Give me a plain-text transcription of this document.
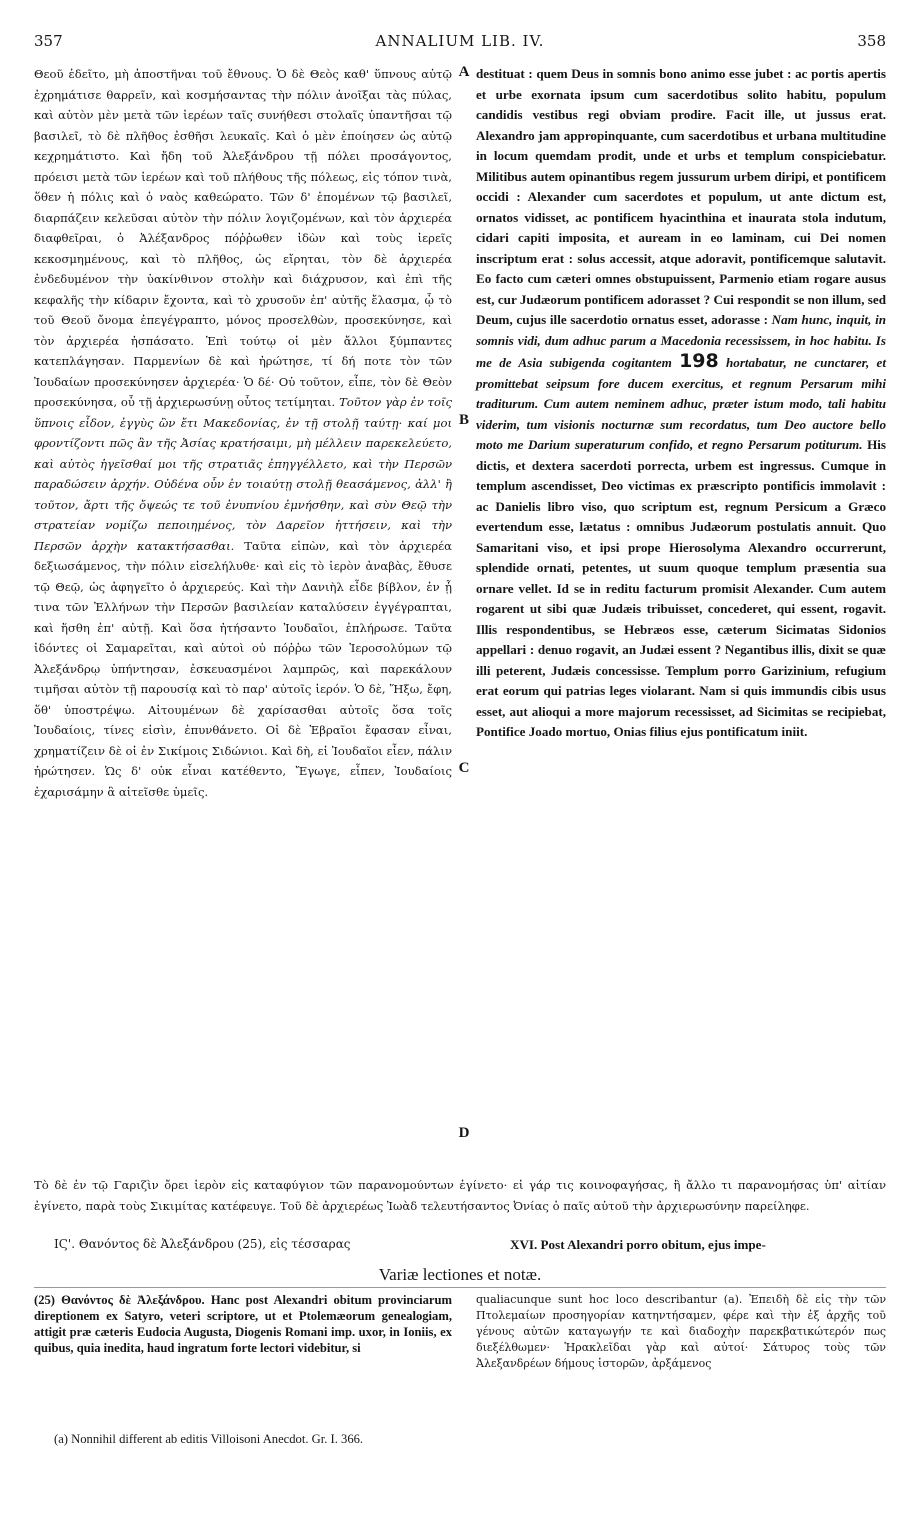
357	ANNALIUM LIB. IV.	358
Θεοῦ ἐδεῖτο, μὴ ἀποστῆναι τοῦ ἔθνους. Ὁ δὲ Θεὸς καθ' ὕπνους αὐτῷ ἐχρημάτισε θαρρεῖν, καὶ κοσμήσαντας τὴν πόλιν ἀνοῖξαι τὰς πύλας, καὶ αὐτὸν μὲν μετὰ τῶν ἱερέων ταῖς συνήθεσι στολαῖς ὑπαντῆσαι τῷ βασιλεῖ, τὸ δὲ πλῆθος ἐσθῆσι λευκαῖς. Καὶ ὁ μὲν ἐποίησεν ὡς αὐτῷ κεχρημάτιστο. Καὶ ἤδη τοῦ Ἀλεξάνδρου τῇ πόλει προσάγοντος, πρόεισι μετὰ τῶν ἱερέων καὶ τοῦ πλήθους τῆς πόλεως, εἰς τόπον τινὰ, ὅθεν ἡ πόλις καὶ ὁ ναὸς καθεώρατο. Τῶν δ' ἑπομένων τῷ βασιλεῖ, διαρπάζειν κελεῦσαι αὐτὸν τὴν πόλιν λογιζομένων, καὶ τὸν ἀρχιερέα διαφθεῖραι, ὁ Ἀλέξανδρος πόῤῥωθεν ἰδὼν καὶ τοὺς ἱερεῖς κεκοσμημένους, καὶ τὸ πλῆθος, ὡς εἴρηται, τὸν δὲ ἀρχιερέα ἐνδεδυμένον τὴν ὑακίνθινον στολὴν καὶ διάχρυσον, καὶ ἐπὶ τῆς κεφαλῆς τὴν κίδαριν ἔχοντα, καὶ τὸ χρυσοῦν ἐπ' αὐτῆς ἔλασμα, ᾧ τὸ τοῦ Θεοῦ ὄνομα ἐπεγέγραπτο, μόνος προσελθὼν, προσεκύνησε, καὶ τὸν ἀρχιερέα ἠσπάσατο. Ἐπὶ τούτῳ οἱ μὲν ἄλλοι ξύμπαντες κατεπλάγησαν. Παρμενίων δὲ καὶ ἠρώτησε, τί δή ποτε τὸν τῶν Ἰουδαίων προσεκύνησεν ἀρχιερέα· Ὁ δέ· Οὐ τοῦτον, εἶπε, τὸν δὲ Θεὸν προσεκύνησα, οὗ τῇ ἀρχιερωσύνῃ οὗτος τετίμηται. Τοῦτον γὰρ ἐν τοῖς ὕπνοις εἶδον, ἐγγὺς ὢν ἔτι Μακεδονίας, ἐν τῇ στολῇ ταύτῃ· καί μοι φροντίζοντι πῶς ἂν τῆς Ἀσίας κρατήσαιμι, μὴ μέλλειν παρεκελεύετο, καὶ αὐτὸς ἡγεῖσθαί μοι τῆς στρατιᾶς ἐπηγγέλλετο, καὶ τὴν Περσῶν παραδώσειν ἀρχήν. Οὐδένα οὖν ἐν τοιαύτῃ στολῇ θεασάμενος, ἀλλ' ἢ τοῦτον, ἄρτι τῆς ὄψεώς τε τοῦ ἐνυπνίου ἐμνήσθην, καὶ σὺν Θεῷ τὴν στρατείαν νομίζω πεποιημένος, τὸν Δαρεῖον ἡττήσειν, καὶ τὴν Περσῶν ἀρχὴν κατακτήσασθαι. Ταῦτα εἰπὼν, καὶ τὸν ἀρχιερέα δεξιωσάμενος, τὴν πόλιν εἰσελήλυθε· καὶ εἰς τὸ ἱερὸν ἀναβὰς, ἔθυσε τῷ Θεῷ, ὡς ἀφηγεῖτο ὁ ἀρχιερεύς. Καὶ τὴν Δανιὴλ εἶδε βίβλον, ἐν ᾗ τινα τῶν Ἑλλήνων τὴν Περσῶν βασιλείαν καταλύσειν ἐγγέγραπται, καὶ ἥσθη ἐπ' αὐτῇ. Καὶ ὅσα ἠτήσαντο Ἰουδαῖοι, ἐπλήρωσε. Ταῦτα ἰδόντες οἱ Σαμαρεῖται, καὶ αὐτοὶ οὐ πόῤῥω τῶν Ἱεροσολύμων τῷ Ἀλεξάνδρῳ ὑπήντησαν, ἐσκευασμένοι λαμπρῶς, καὶ παρεκάλουν τιμῆσαι αὐτὸν τῇ παρουσίᾳ καὶ τὸ παρ' αὐτοῖς ἱερόν. Ὁ δὲ, Ἥξω, ἔφη, ὅθ' ὑποστρέψω. Αἰτουμένων δὲ χαρίσασθαι αὐτοῖς ὅσα τοῖς Ἰουδαίοις, τίνες εἰσὶν, ἐπυνθάνετο. Οἱ δὲ Ἑβραῖοι ἔφασαν εἶναι, χρηματίζειν δὲ οἱ ἐν Σικίμοις Σιδώνιοι. Καὶ δὴ, εἰ Ἰουδαῖοι εἶεν, πάλιν ἠρώτησεν. Ὡς δ' οὐκ εἶναι κατέθεντο, Ἔγωγε, εἶπεν, Ἰουδαίοις ἐχαρισάμην ἃ αἰτεῖσθε ὑμεῖς.
A
B
C
D
destituat : quem Deus in somnis bono animo esse jubet : ac portis apertis et urbe exornata ipsum cum sacerdotibus solito habitu, populum candidis vestibus regi obviam prodire. Facit ille, ut jussus erat. Alexandro jam appropinquante, cum sacerdotibus et urbana multitudine in locum quemdam prodit, unde et urbs et templum conspiciebatur. Militibus autem opinantibus regem jussurum urbem diripi, et pontificem occidi : Alexander cum sacerdotes et populum, ut ante dictum est, ornatos vidisset, ac pontificem hyacinthina et inaurata stola indutum, cidari capiti imposita, et auream in eo laminam, cui Dei nomen inscriptum erat : solus accessit, atque adoravit, pontificemque salutavit. Eo facto cum cæteri omnes obstupuissent, Parmenio etiam rogare ausus est, cur Judæorum pontificem adorasset ? Cui respondit se non illum, sed Deum, cujus ille sacerdotio ornatus esset, adorasse : Nam hunc, inquit, in somnis vidi, dum adhuc parum a Macedonia recessissem, in hoc habitu. Is me de Asia subigenda cogitantem 198 hortabatur, ne cunctarer, et promittebat seipsum fore ducem exercitus, et regnum Persarum mihi traditurum. Cum autem neminem adhuc, præter istum modo, tali habitu viderim, tum visionis nocturnæ sum recordatus, tum Deo auctore bello moto me Darium superaturum confido, et regno Persarum potiturum. His dictis, et dextera sacerdoti porrecta, urbem est ingressus. Cumque in templum ascendisset, Deo victimas ex præscripto pontificis immolavit : ac Danielis libro viso, quo scriptum est, regnum Persicum a Græco evertendum esse, lætatus : omnibus Judæorum postulatis annuit. Quo Samaritani viso, et ipsi prope Hierosolyma Alexandro occurrerunt, splendide ornati, petentes, ut suum quoque templum præsentia sua ornare vellet. Id se in reditu facturum promisit Alexander. Cum autem rogarent ut sibi quæ Judæis tribuisset, concederet, qui essent, rogavit. Illis respondentibus, se Hebræos esse, cæterum Sicimatas Sidonios appellari : denuo rogavit, an Judæi essent ? Negantibus illis, dixit se quæ illi peterent, Judæis concessisse. Templum porro Garizinium, refugium erat eorum qui patrias leges violarant. Nam si quis immundis cibis usus esset, aut alioqui a more majorum recessisset, ad Sicimitas se recipiebat, Pontifice Joado mortuo, Onias filius ejus pontificatum iniit.
Τὸ δὲ ἐν τῷ Γαριζὶν ὄρει ἱερὸν εἰς καταφύγιον τῶν παρανομούντων ἐγίνετο· εἰ γάρ τις κοινοφαγήσας, ἢ ἄλλο τι παρανομήσας ὑπ' αἰτίαν ἐγίνετο, παρὰ τοὺς Σικιμίτας κατέφευγε. Τοῦ δὲ ἀρχιερέως Ἰωὰδ τελευτήσαντος Ὀνίας ὁ παῖς αὐτοῦ τὴν ἀρχιερωσύνην παρείληφε.
ΙϚ'. Θανόντος δὲ Ἀλεξάνδρου (25), εἰς τέσσαρας	XVI. Post Alexandri porro obitum, ejus impe-
Variæ lectiones et notæ.
(25) Θανόντος δὲ Ἀλεξάνδρου. Hanc post Alexandri obitum provinciarum direptionem ex Satyro, veteri scriptore, ut et Ptolemæorum genealogiam, attigit præ cæteris Eudocia Augusta, Diogenis Romani imp. uxor, in Ioniis, ex quibus, quia inedita, haud ingratum forte lectori videbitur, si
qualiacunque sunt hoc loco describantur (a). Ἐπειδὴ δὲ εἰς τὴν τῶν Πτολεμαίων προσηγορίαν κατηντήσαμεν, φέρε καὶ τὴν ἐξ ἀρχῆς τοῦ γένους αὐτῶν καταγωγήν τε καὶ διαδοχὴν παρεκβατικώτερόν πως διεξέλθωμεν· Ἡρακλεῖδαι γὰρ καὶ αὐτοί· Σάτυρος τοὺς τῶν Ἀλεξανδρέων δήμους ἱστορῶν, ἀρξάμενος
(a) Nonnihil different ab editis Villoisoni Anecdot. Gr. I. 366.
